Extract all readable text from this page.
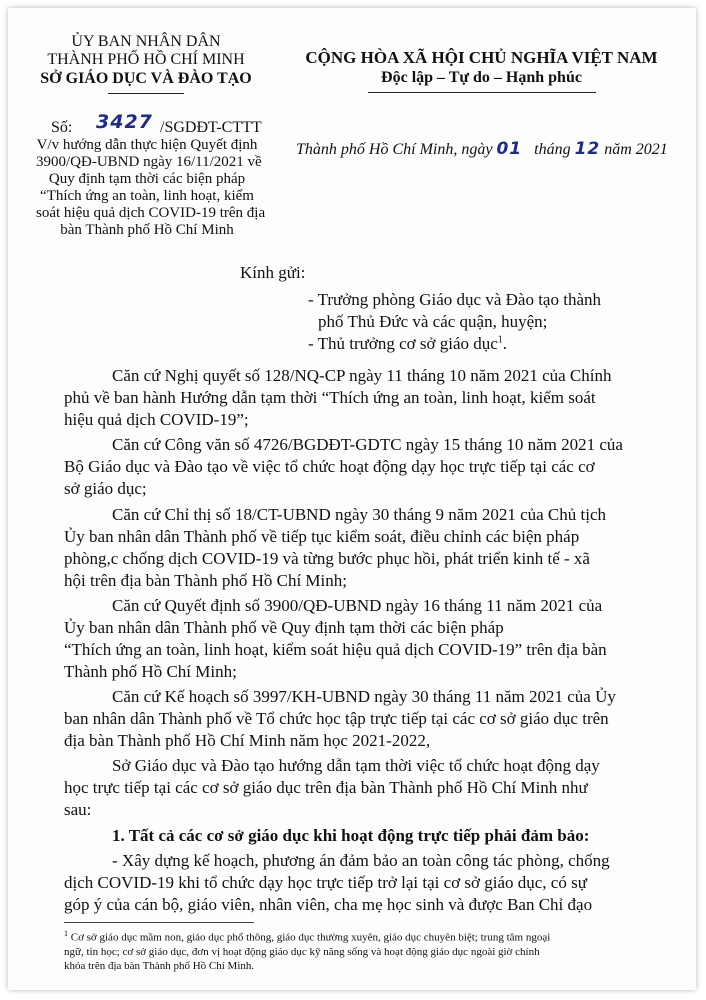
ỦY BAN NHÂN DÂN
THÀNH PHỐ HỒ CHÍ MINH
SỞ GIÁO DỤC VÀ ĐÀO TẠO
Số: 3427 /SGDĐT-CTTT
V/v hướng dẫn thực hiện Quyết định
3900/QĐ-UBND ngày 16/11/2021 về
Quy định tạm thời các biện pháp
“Thích ứng an toàn, linh hoạt, kiểm
soát hiệu quả dịch COVID-19 trên địa
bàn Thành phố Hồ Chí Minh
CỘNG HÒA XÃ HỘI CHỦ NGHĨA VIỆT NAM
Độc lập – Tự do – Hạnh phúc
Thành phố Hồ Chí Minh, ngày 01 tháng 12 năm 2021
Kính gửi:
- Trưởng phòng Giáo dục và Đào tạo thành
phố Thủ Đức và các quận, huyện;
- Thủ trưởng cơ sở giáo dục$^1$.
Căn cứ Nghị quyết số 128/NQ-CP ngày 11 tháng 10 năm 2021 của Chính
phủ về ban hành Hướng dẫn tạm thời “Thích ứng an toàn, linh hoạt, kiểm soát
hiệu quả dịch COVID-19”;
Căn cứ Công văn số 4726/BGDĐT-GDTC ngày 15 tháng 10 năm 2021 của
Bộ Giáo dục và Đào tạo về việc tổ chức hoạt động dạy học trực tiếp tại các cơ
sở giáo dục;
Căn cứ Chỉ thị số 18/CT-UBND ngày 30 tháng 9 năm 2021 của Chủ tịch
Ủy ban nhân dân Thành phố về tiếp tục kiểm soát, điều chỉnh các biện pháp
phòng,c chống dịch COVID-19 và từng bước phục hồi, phát triển kinh tế - xã
hội trên địa bàn Thành phố Hồ Chí Minh;
Căn cứ Quyết định số 3900/QĐ-UBND ngày 16 tháng 11 năm 2021 của
Ủy ban nhân dân Thành phố về Quy định tạm thời các biện pháp
“Thích ứng an toàn, linh hoạt, kiểm soát hiệu quả dịch COVID-19” trên địa bàn
Thành phố Hồ Chí Minh;
Căn cứ Kế hoạch số 3997/KH-UBND ngày 30 tháng 11 năm 2021 của Ủy
ban nhân dân Thành phố về Tổ chức học tập trực tiếp tại các cơ sở giáo dục trên
địa bàn Thành phố Hồ Chí Minh năm học 2021-2022,
Sở Giáo dục và Đào tạo hướng dẫn tạm thời việc tổ chức hoạt động dạy
học trực tiếp tại các cơ sở giáo dục trên địa bàn Thành phố Hồ Chí Minh như
sau:
1. Tất cả các cơ sở giáo dục khi hoạt động trực tiếp phải đảm bảo:
- Xây dựng kế hoạch, phương án đảm bảo an toàn công tác phòng, chống
dịch COVID-19 khi tổ chức dạy học trực tiếp trở lại tại cơ sở giáo dục, có sự
góp ý của cán bộ, giáo viên, nhân viên, cha mẹ học sinh và được Ban Chỉ đạo
$^1$ Cơ sở giáo dục mầm non, giáo dục phổ thông, giáo dục thường xuyên, giáo dục chuyên biệt; trung tâm ngoại
ngữ, tin học; cơ sở giáo dục, đơn vị hoạt động giáo dục kỹ năng sống và hoạt động giáo dục ngoài giờ chính
khóa trên địa bàn Thành phố Hồ Chí Minh.
